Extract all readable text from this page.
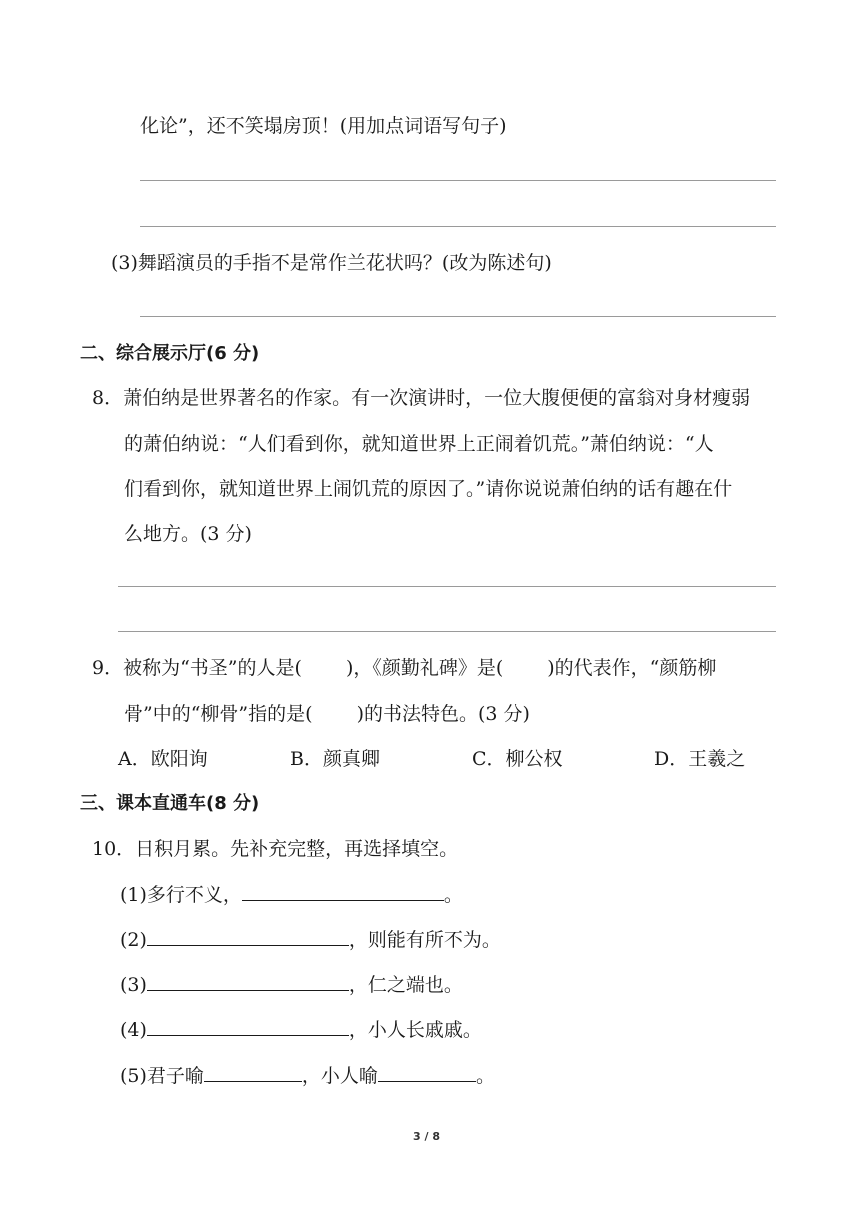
化论”，还不笑塌房顶！(用加点词语写句子)
(3)舞蹈演员的手指不是常作兰花状吗？(改为陈述句)
二、综合展示厅(6 分)
8．萧伯纳是世界著名的作家。有一次演讲时，一位大腹便便的富翁对身材瘦弱
的萧伯纳说：“人们看到你，就知道世界上正闹着饥荒。”萧伯纳说：“人
们看到你，就知道世界上闹饥荒的原因了。”请你说说萧伯纳的话有趣在什
么地方。(3 分)
9．被称为“书圣”的人是( )，《颜勤礼碑》是( )的代表作，“颜筋柳
骨”中的“柳骨”指的是( )的书法特色。(3 分)
A．欧阳询	B．颜真卿	C．柳公权	D．王羲之
三、课本直通车(8 分)
10．日积月累。先补充完整，再选择填空。
(1)多行不义，	。
(2)	，则能有所不为。
(3)	，仁之端也。
(4)	，小人长戚戚。
(5)君子喻	，小人喻	。
3 / 8
